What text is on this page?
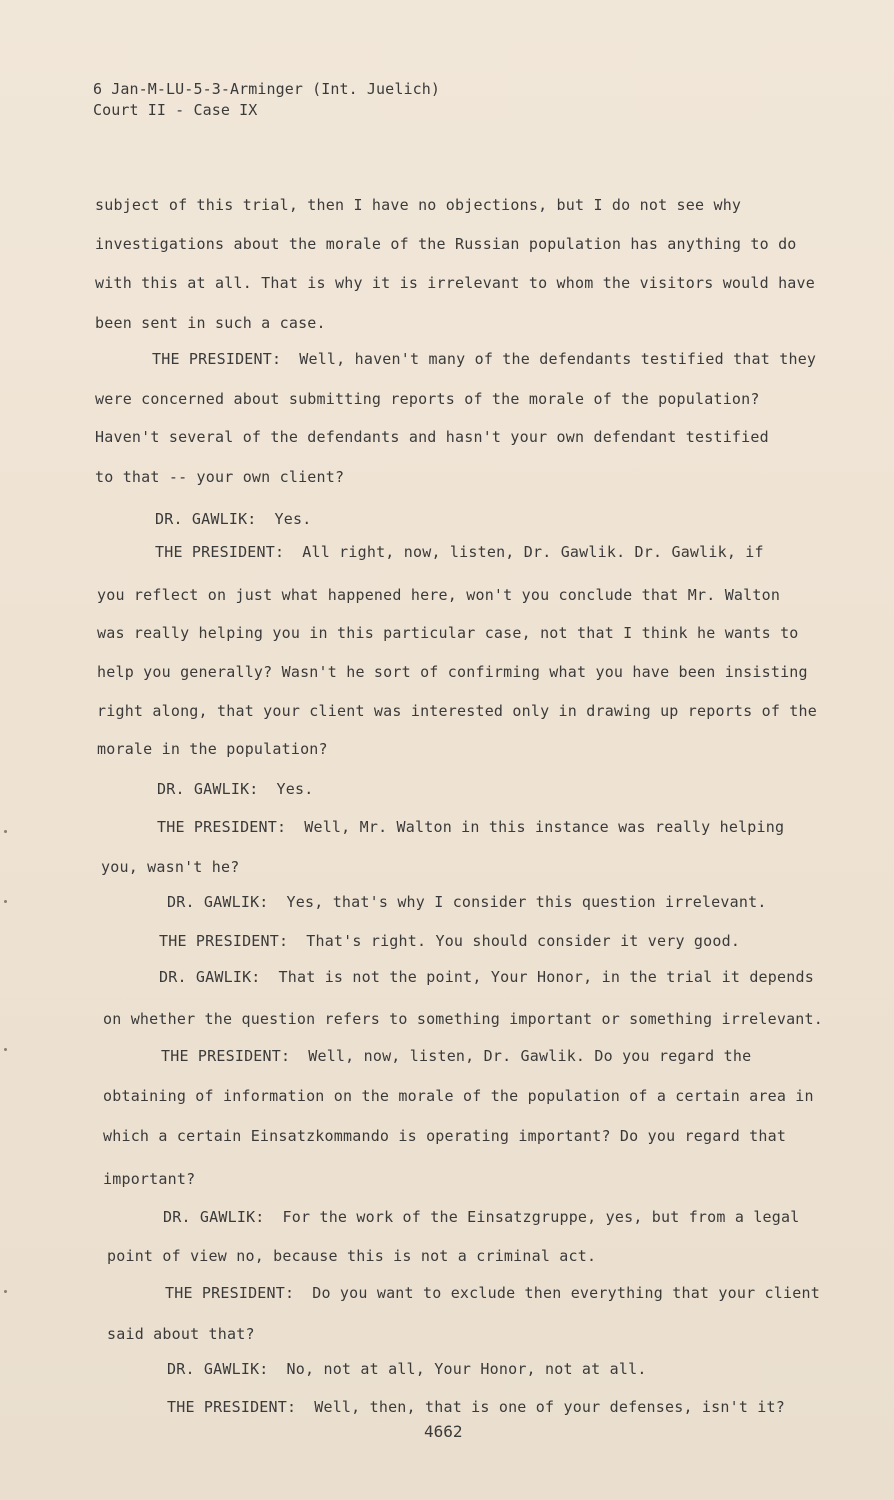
6 Jan-M-LU-5-3-Arminger (Int. Juelich)
Court II - Case IX
subject of this trial, then I have no objections, but I do not see why
investigations about the morale of the Russian population has anything to do
with this at all. That is why it is irrelevant to whom the visitors would have
been sent in such a case.
THE PRESIDENT: Well, haven't many of the defendants testified that they
were concerned about submitting reports of the morale of the population?
Haven't several of the defendants and hasn't your own defendant testified
to that -- your own client?
DR. GAWLIK: Yes.
THE PRESIDENT: All right, now, listen, Dr. Gawlik. Dr. Gawlik, if
you reflect on just what happened here, won't you conclude that Mr. Walton
was really helping you in this particular case, not that I think he wants to
help you generally? Wasn't he sort of confirming what you have been insisting
right along, that your client was interested only in drawing up reports of the
morale in the population?
DR. GAWLIK: Yes.
THE PRESIDENT: Well, Mr. Walton in this instance was really helping
you, wasn't he?
DR. GAWLIK: Yes, that's why I consider this question irrelevant.
THE PRESIDENT: That's right. You should consider it very good.
DR. GAWLIK: That is not the point, Your Honor, in the trial it depends
on whether the question refers to something important or something irrelevant.
THE PRESIDENT: Well, now, listen, Dr. Gawlik. Do you regard the
obtaining of information on the morale of the population of a certain area in
which a certain Einsatzkommando is operating important? Do you regard that
important?
DR. GAWLIK: For the work of the Einsatzgruppe, yes, but from a legal
point of view no, because this is not a criminal act.
THE PRESIDENT: Do you want to exclude then everything that your client
said about that?
DR. GAWLIK: No, not at all, Your Honor, not at all.
THE PRESIDENT: Well, then, that is one of your defenses, isn't it?
4662
